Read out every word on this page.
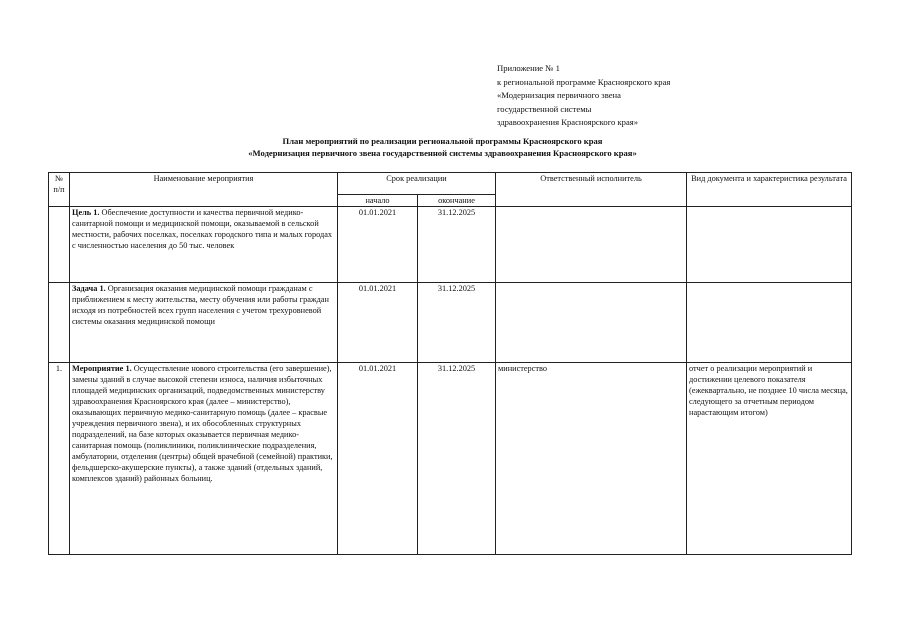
Приложение № 1
к региональной программе Красноярского края
«Модернизация первичного звена
государственной системы
здравоохранения Красноярского края»
План мероприятий по реализации региональной программы Красноярского края
«Модернизация первичного звена государственной системы здравоохранения Красноярского края»
№
п/п	Наименование мероприятия	Срок реализации		Ответственный исполнитель	Вид документа и характеристика результата
		начало	окончание		
	Цель 1. Обеспечение доступности и качества первичной медико-санитарной помощи и медицинской помощи, оказываемой в сельской местности, рабочих поселках, поселках городского типа и малых городах с численностью населения до 50 тыс. человек	01.01.2021	31.12.2025		
	Задача 1. Организация оказания медицинской помощи гражданам с приближением к месту жительства, месту обучения или работы граждан исходя из потребностей всех групп населения с учетом трехуровневой системы оказания медицинской помощи	01.01.2021	31.12.2025		
1.	Мероприятие 1. Осуществление нового строительства (его завершение), замены зданий в случае высокой степени износа, наличия избыточных площадей медицинских организаций, подведомственных министерству здравоохранения Красноярского края (далее – министерство), оказывающих первичную медико-санитарную помощь (далее – красвые учреждения первичного звена), и их обособленных структурных подразделений, на базе которых оказывается первичная медико-санитарная помощь (поликлиники, поликлинические подразделения, амбулатории, отделения (центры) общей врачебной (семейной) практики, фельдшерско-акушерские пункты), а также зданий (отдельных зданий, комплексов зданий) районных больниц.	01.01.2021	31.12.2025	министерство	отчет о реализации мероприятий и достижении целевого показателя (ежеквартально, не позднее 10 числа месяца, следующего за отчетным периодом нарастающим итогом)
